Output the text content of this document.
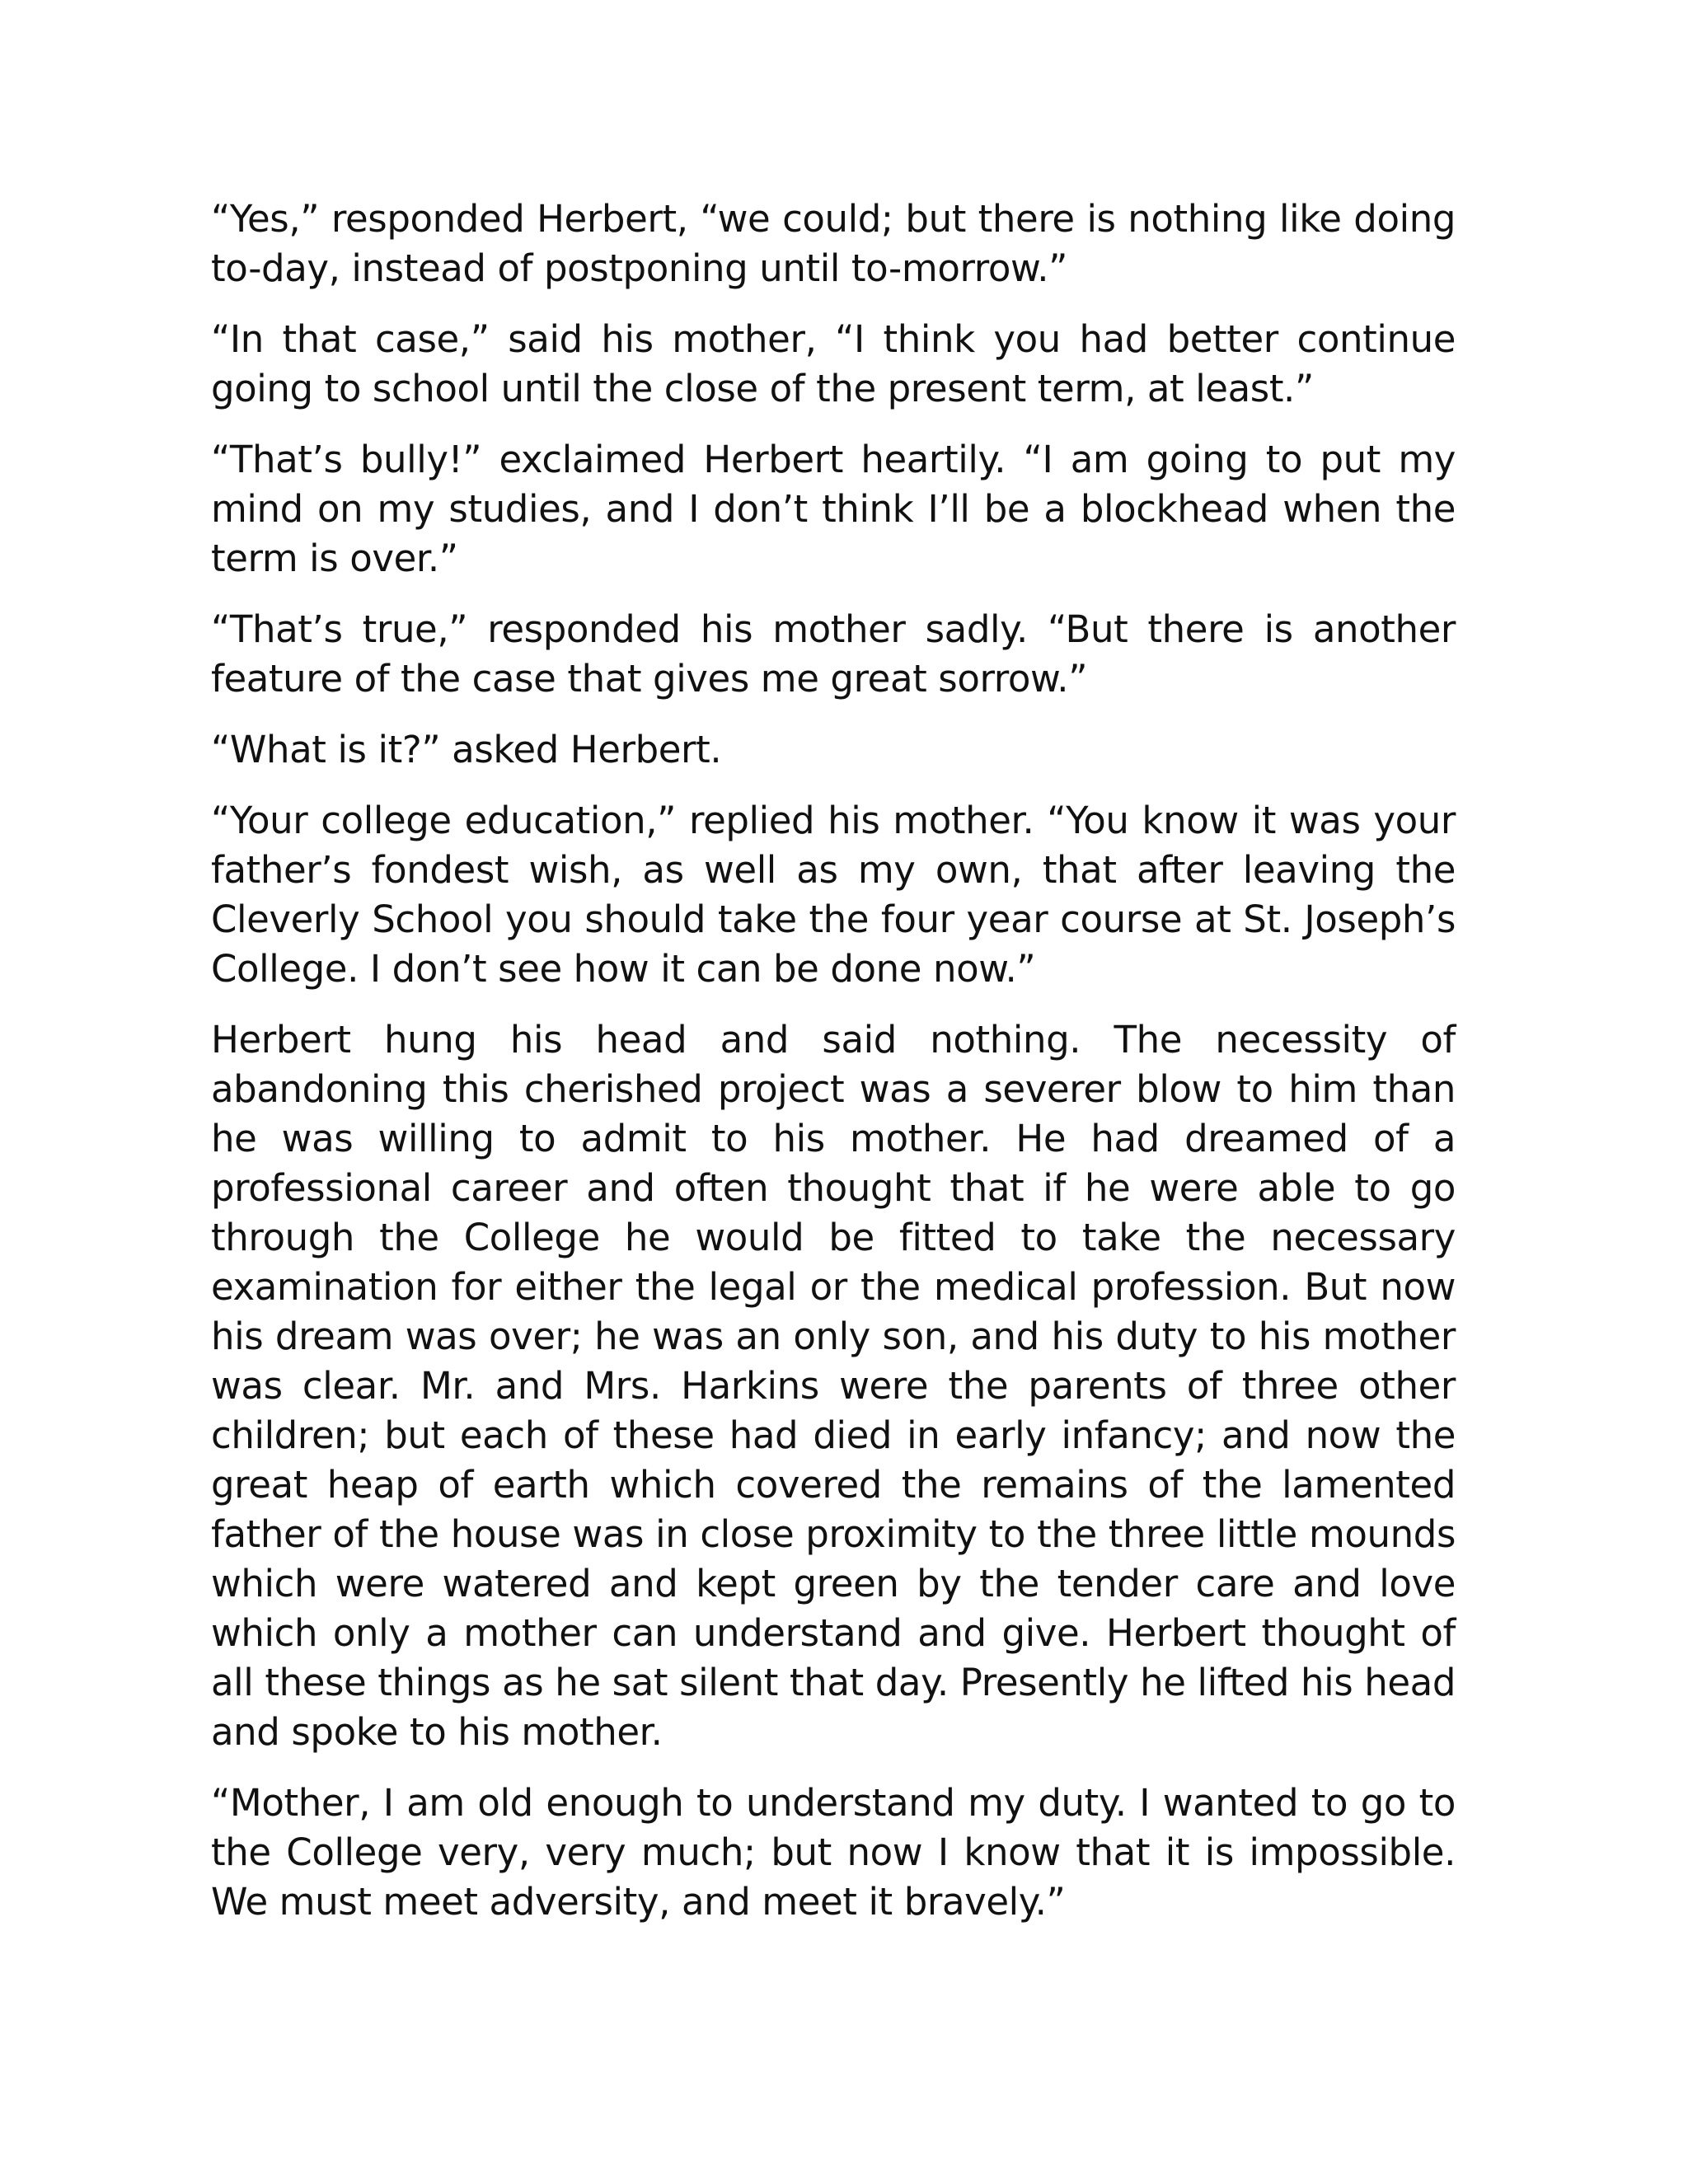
“Yes,” responded Herbert, “we could; but there is nothing like doing to-day, instead of postponing until to-morrow.”

“In that case,” said his mother, “I think you had better continue going to school until the close of the present term, at least.”

“That’s bully!” exclaimed Herbert heartily. “I am going to put my mind on my studies, and I don’t think I’ll be a blockhead when the term is over.”

“That’s true,” responded his mother sadly. “But there is another feature of the case that gives me great sorrow.”

“What is it?” asked Herbert.

“Your college education,” replied his mother. “You know it was your father’s fondest wish, as well as my own, that after leaving the Cleverly School you should take the four year course at St. Joseph’s College. I don’t see how it can be done now.”

Herbert hung his head and said nothing. The necessity of abandoning this cherished project was a severer blow to him than he was willing to admit to his mother. He had dreamed of a professional career and often thought that if he were able to go through the College he would be fitted to take the necessary examination for either the legal or the medical profession. But now his dream was over; he was an only son, and his duty to his mother was clear. Mr. and Mrs. Harkins were the parents of three other children; but each of these had died in early infancy; and now the great heap of earth which covered the remains of the lamented father of the house was in close proximity to the three little mounds which were watered and kept green by the tender care and love which only a mother can understand and give. Herbert thought of all these things as he sat silent that day. Presently he lifted his head and spoke to his mother.

“Mother, I am old enough to understand my duty. I wanted to go to the College very, very much; but now I know that it is impossible. We must meet adversity, and meet it bravely.”
